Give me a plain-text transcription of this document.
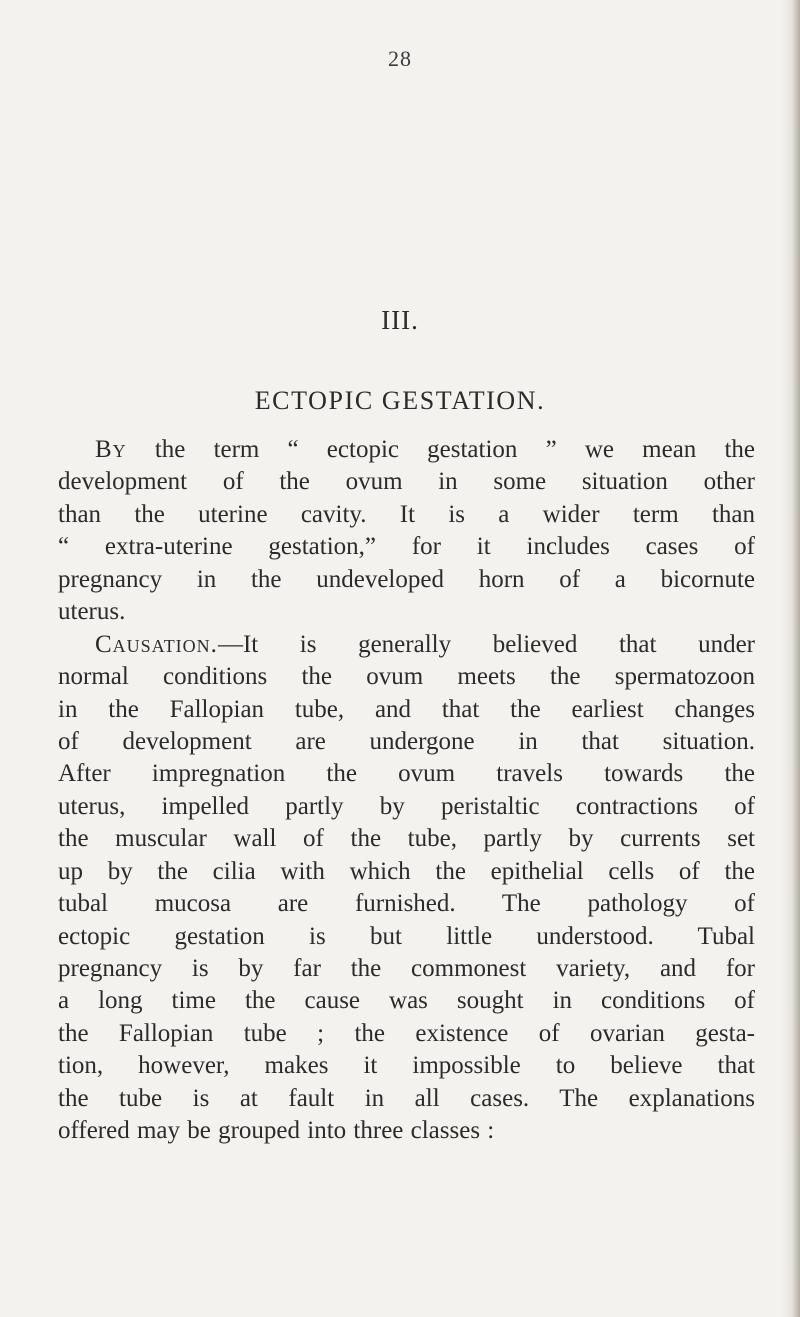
28
III.
ECTOPIC GESTATION.
By the term “ ectopic gestation ” we mean the
development of the ovum in some situation other
than the uterine cavity. It is a wider term than
“ extra-uterine gestation,” for it includes cases of
pregnancy in the undeveloped horn of a bicornute
uterus.
Causation.—It is generally believed that under
normal conditions the ovum meets the spermatozoon
in the Fallopian tube, and that the earliest changes
of development are undergone in that situation.
After impregnation the ovum travels towards the
uterus, impelled partly by peristaltic contractions of
the muscular wall of the tube, partly by currents set
up by the cilia with which the epithelial cells of the
tubal mucosa are furnished. The pathology of
ectopic gestation is but little understood. Tubal
pregnancy is by far the commonest variety, and for
a long time the cause was sought in conditions of
the Fallopian tube ; the existence of ovarian gesta-
tion, however, makes it impossible to believe that
the tube is at fault in all cases. The explanations
offered may be grouped into three classes :
